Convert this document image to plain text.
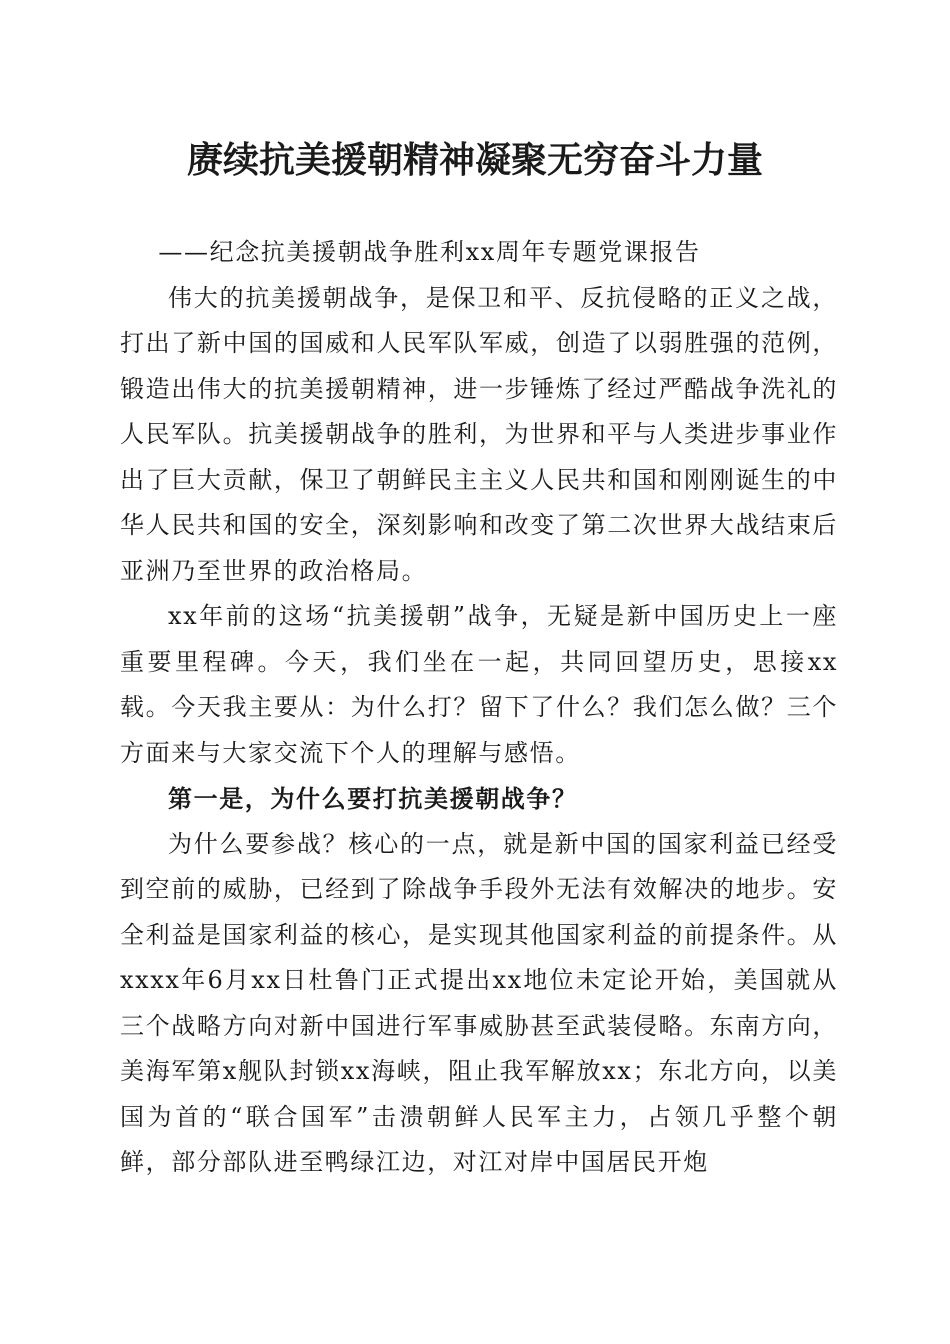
赓续抗美援朝精神凝聚无穷奋斗力量

——纪念抗美援朝战争胜利xx周年专题党课报告

伟大的抗美援朝战争，是保卫和平、反抗侵略的正义之战，打出了新中国的国威和人民军队军威，创造了以弱胜强的范例，锻造出伟大的抗美援朝精神，进一步锤炼了经过严酷战争洗礼的人民军队。抗美援朝战争的胜利，为世界和平与人类进步事业作出了巨大贡献，保卫了朝鲜民主主义人民共和国和刚刚诞生的中华人民共和国的安全，深刻影响和改变了第二次世界大战结束后亚洲乃至世界的政治格局。

xx年前的这场“抗美援朝”战争，无疑是新中国历史上一座重要里程碑。今天，我们坐在一起，共同回望历史，思接xx载。今天我主要从：为什么打？留下了什么？我们怎么做？三个方面来与大家交流下个人的理解与感悟。

第一是，为什么要打抗美援朝战争？

为什么要参战？核心的一点，就是新中国的国家利益已经受到空前的威胁，已经到了除战争手段外无法有效解决的地步。安全利益是国家利益的核心，是实现其他国家利益的前提条件。从xxxx年6月xx日杜鲁门正式提出xx地位未定论开始，美国就从三个战略方向对新中国进行军事威胁甚至武装侵略。东南方向，美海军第x舰队封锁xx海峡，阻止我军解放xx；东北方向，以美国为首的“联合国军”击溃朝鲜人民军主力，占领几乎整个朝鲜，部分部队进至鸭绿江边，对江对岸中国居民开炮
